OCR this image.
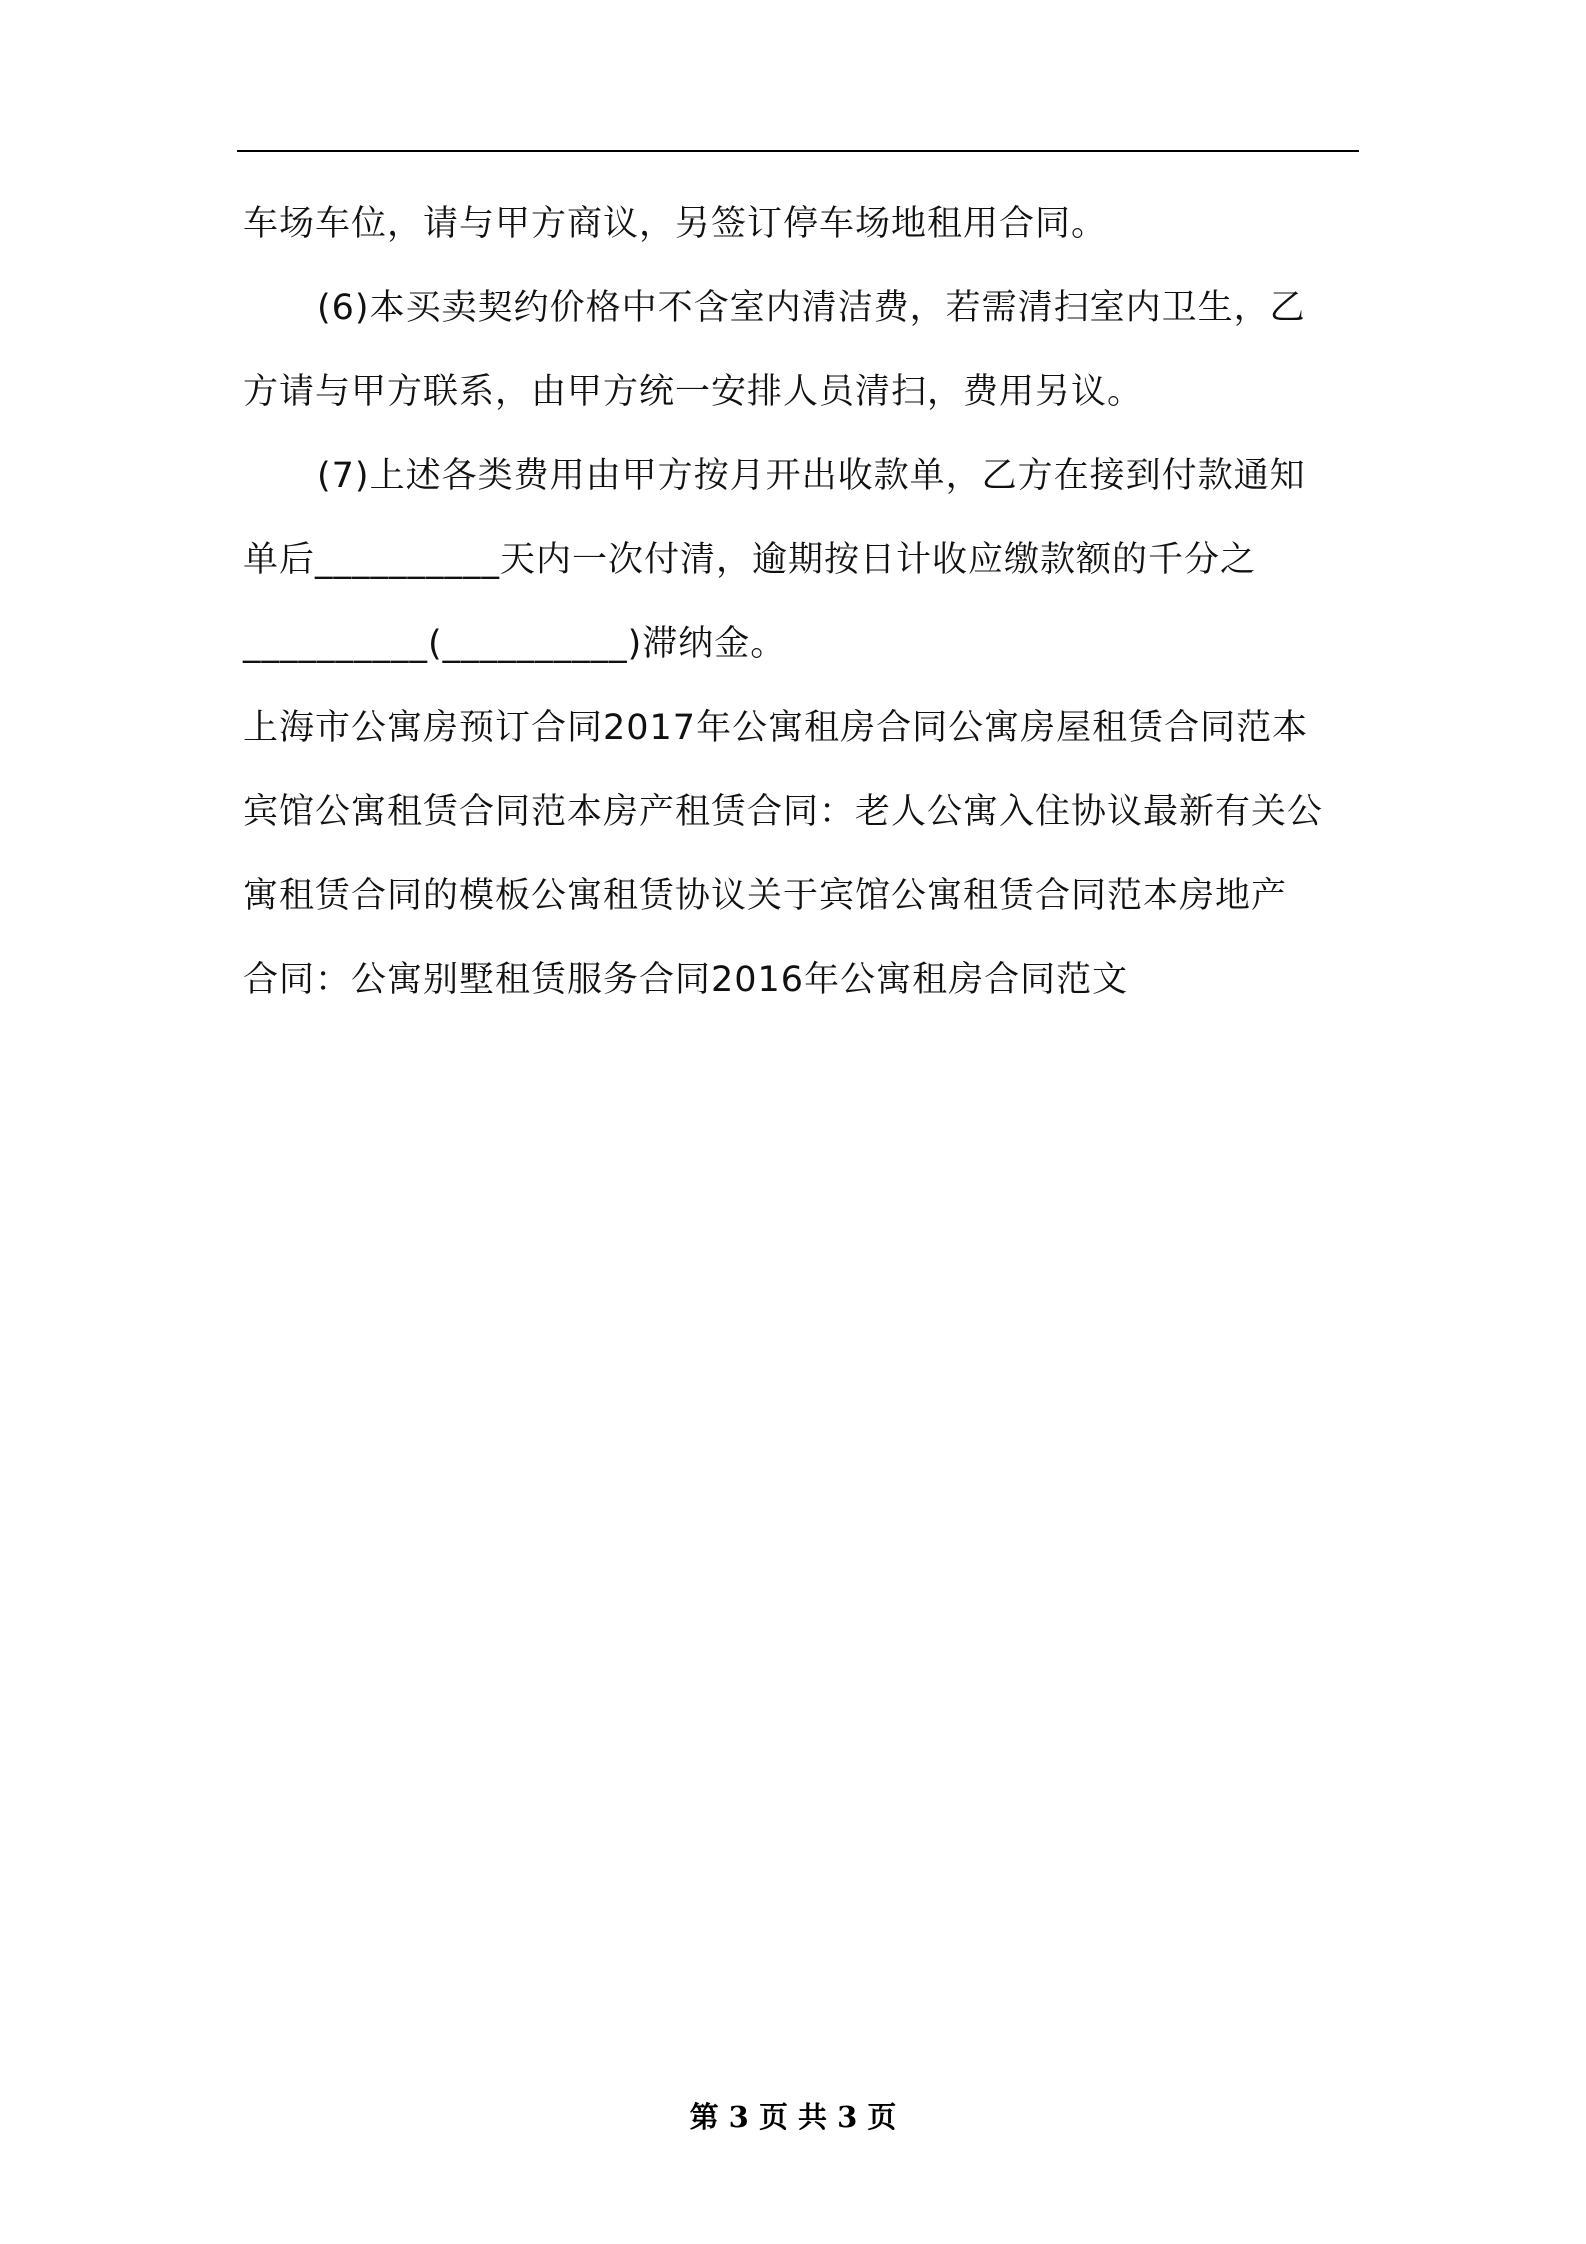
车场车位，请与甲方商议，另签订停车场地租用合同。
(6)本买卖契约价格中不含室内清洁费，若需清扫室内卫生，乙
方请与甲方联系，由甲方统一安排人员清扫，费用另议。
(7)上述各类费用由甲方按月开出收款单，乙方在接到付款通知
单后__________天内一次付清，逾期按日计收应缴款额的千分之
__________(__________)滞纳金。
上海市公寓房预订合同2017年公寓租房合同公寓房屋租赁合同范本
宾馆公寓租赁合同范本房产租赁合同：老人公寓入住协议最新有关公
寓租赁合同的模板公寓租赁协议关于宾馆公寓租赁合同范本房地产
合同：公寓别墅租赁服务合同2016年公寓租房合同范文
第 3 页 共 3 页
